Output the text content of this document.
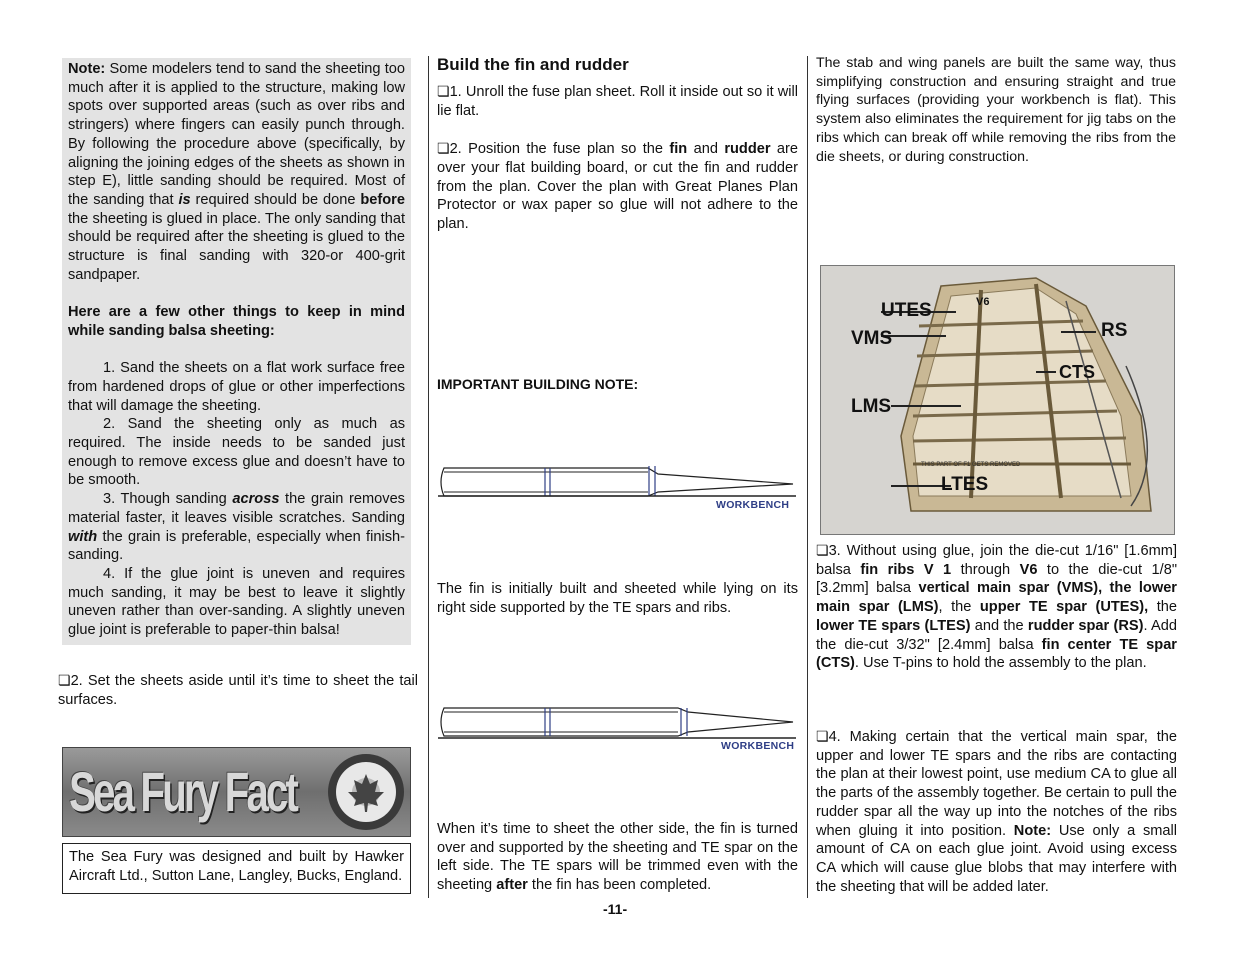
Note: Some modelers tend to sand the sheeting too much after it is applied to the structure, making low spots over supported areas (such as over ribs and stringers) where fingers can easily punch through. By following the procedure above (specifically, by aligning the joining edges of the sheets as shown in step E), little sanding should be required. Most of the sanding that is required should be done before the sheeting is glued in place. The only sanding that should be required after the sheeting is glued to the structure is final sanding with 320-or 400-grit sandpaper.

Here are a few other things to keep in mind while sanding balsa sheeting:

1. Sand the sheets on a flat work surface free from hardened drops of glue or other imperfections that will damage the sheeting.

2. Sand the sheeting only as much as required. The inside needs to be sanded just enough to remove excess glue and doesn’t have to be smooth.

3. Though sanding across the grain removes material faster, it leaves visible scratches. Sanding with the grain is preferable, especially when finish-sanding.

4. If the glue joint is uneven and requires much sanding, it may be best to leave it slightly uneven rather than over-sanding. A slightly uneven glue joint is preferable to paper-thin balsa!

❏2. Set the sheets aside until it’s time to sheet the tail surfaces.

Sea Fury Fact
The Sea Fury was designed and built by Hawker Aircraft Ltd., Sutton Lane, Langley, Bucks, England.

Build the fin and rudder

❏1. Unroll the fuse plan sheet. Roll it inside out so it will lie flat.

❏2. Position the fuse plan so the fin and rudder are over your flat building board, or cut the fin and rudder from the plan. Cover the plan with Great Planes Plan Protector or wax paper so glue will not adhere to the plan.

IMPORTANT BUILDING NOTE:
WORKBENCH
The fin is initially built and sheeted while lying on its right side supported by the TE spars and ribs.
WORKBENCH

When it’s time to sheet the other side, the fin is turned over and supported by the sheeting and TE spar on the left side. The TE spars will be trimmed even with the sheeting after the fin has been completed.

-11-
The stab and wing panels are built the same way, thus simplifying construction and ensuring straight and true flying surfaces (providing your workbench is flat). This system also eliminates the requirement for jig tabs on the ribs which can break off while removing the ribs from the die sheets, or during construction.
THIS PART OF F1 GETS REMOVED
UTES
VMS
LMS
LTES
RS
CTS
V6

❏3. Without using glue, join the die-cut 1/16" [1.6mm] balsa fin ribs V 1 through V6 to the die-cut 1/8" [3.2mm] balsa vertical main spar (VMS), the lower main spar (LMS), the upper TE spar (UTES), the lower TE spars (LTES) and the rudder spar (RS). Add the die-cut 3/32" [2.4mm] balsa fin center TE spar (CTS). Use T-pins to hold the assembly to the plan.

❏4. Making certain that the vertical main spar, the upper and lower TE spars and the ribs are contacting the plan at their lowest point, use medium CA to glue all the parts of the assembly together. Be certain to pull the rudder spar all the way up into the notches of the ribs when gluing it into position. Note: Use only a small amount of CA on each glue joint. Avoid using excess CA which will cause glue blobs that may interfere with the sheeting that will be added later.
